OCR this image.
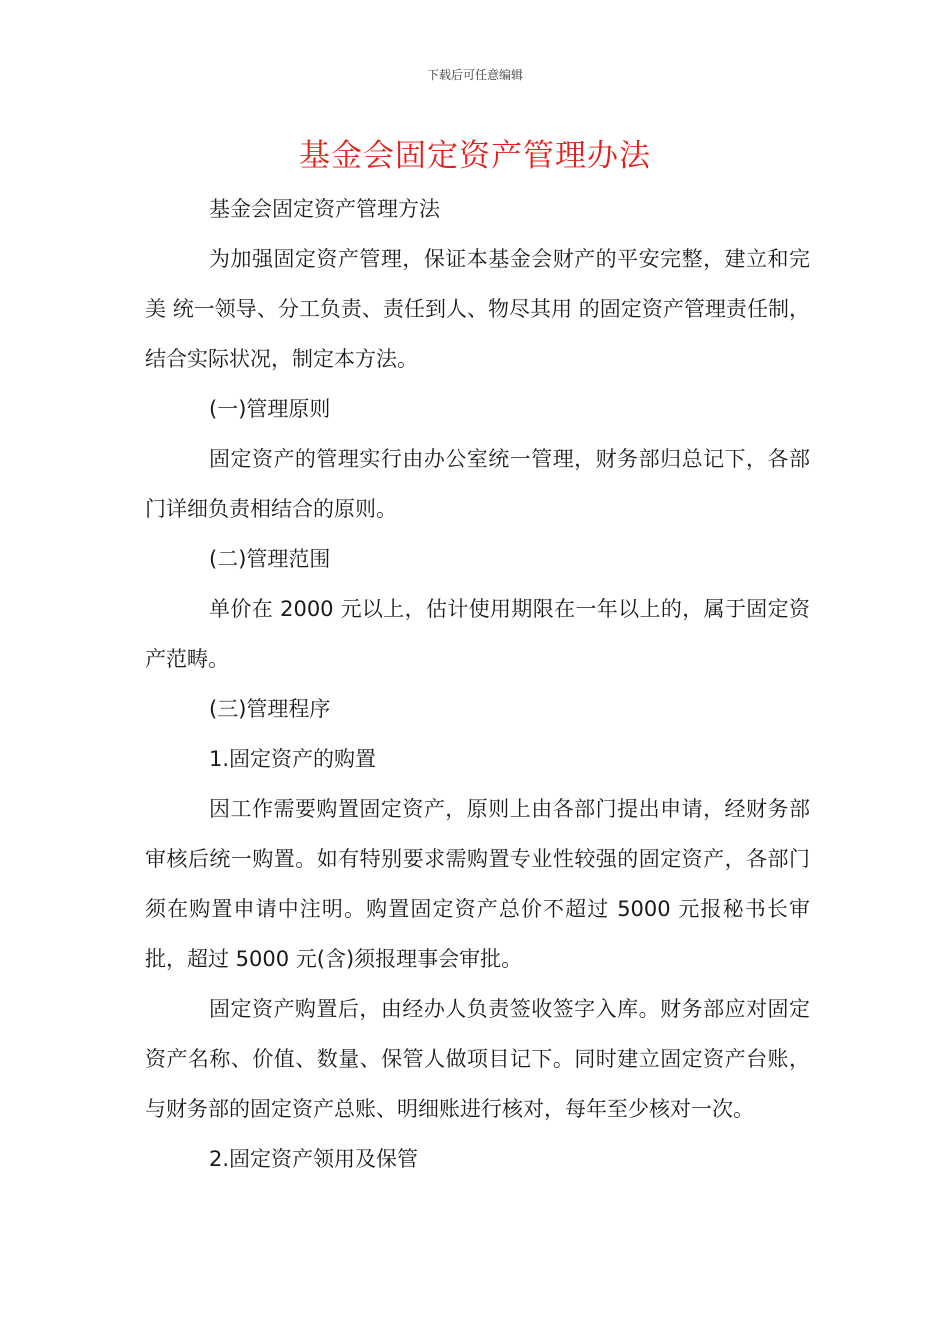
下载后可任意编辑
基金会固定资产管理办法

基金会固定资产管理方法

为加强固定资产管理，保证本基金会财产的平安完整，建立和完美 统一领导、分工负责、责任到人、物尽其用 的固定资产管理责任制，结合实际状况，制定本方法。

(一)管理原则

固定资产的管理实行由办公室统一管理，财务部归总记下，各部门详细负责相结合的原则。

(二)管理范围

单价在 2000 元以上，估计使用期限在一年以上的，属于固定资产范畴。

(三)管理程序

1.固定资产的购置

因工作需要购置固定资产，原则上由各部门提出申请，经财务部审核后统一购置。如有特别要求需购置专业性较强的固定资产，各部门须在购置申请中注明。购置固定资产总价不超过 5000 元报秘书长审批，超过 5000 元(含)须报理事会审批。

固定资产购置后，由经办人负责签收签字入库。财务部应对固定资产名称、价值、数量、保管人做项目记下。同时建立固定资产台账，与财务部的固定资产总账、明细账进行核对，每年至少核对一次。

2.固定资产领用及保管
